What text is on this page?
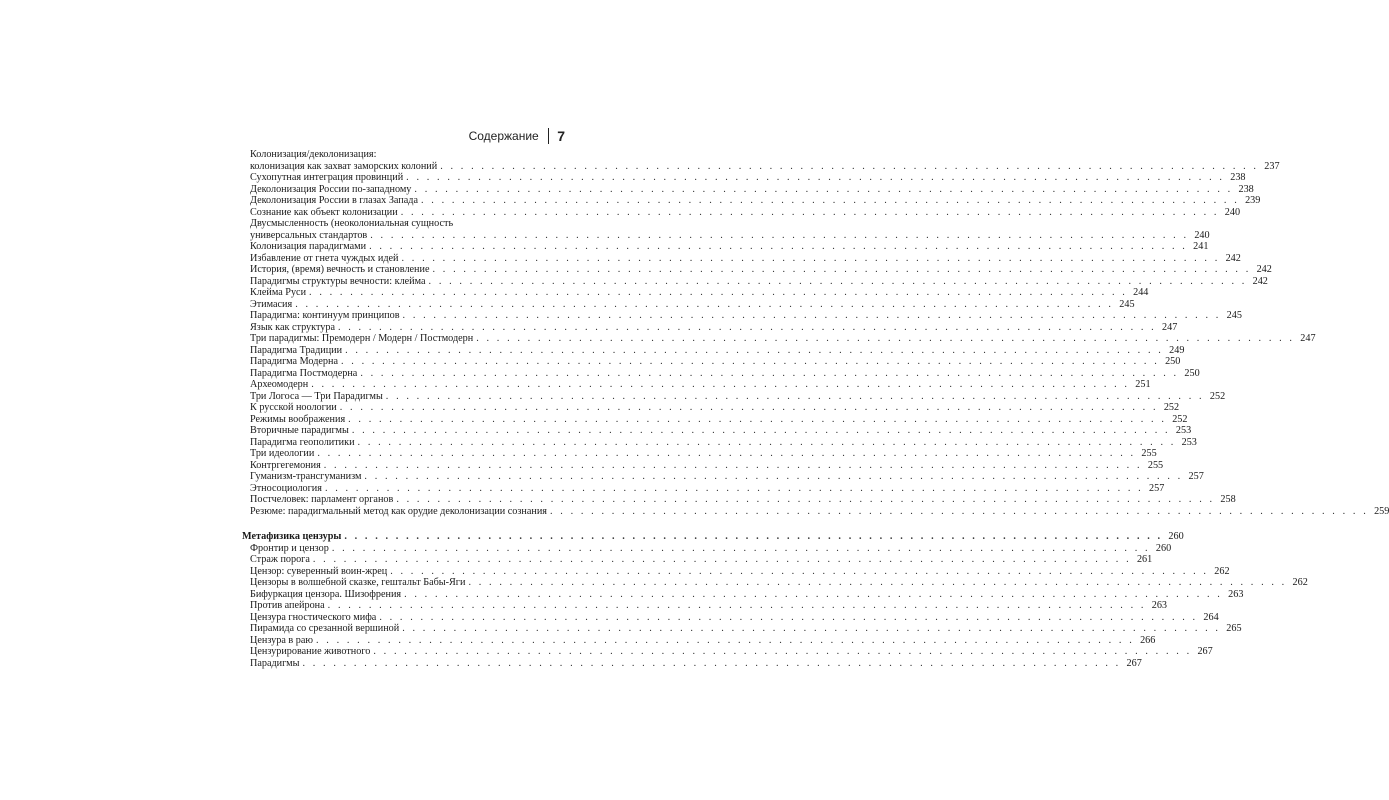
Содержание 7
Колонизация/деколонизация:
колонизация как захват заморских колоний . . . . . . . . . . . . . . . . . . . . . . . . . . . . . . . . . . . . . . . . . . . . . . . . . . . . . . . . . . . . . . . . . . . . . . . . . . . . . . . . 237
Сухопутная интеграция провинций . . . . . . . . . . . . . . . . . . . . . . . . . . . . . . . . . . . . . . . . . . . . . . . . . . . . . . . . . . . . . . . . . . . . . . . . . . . . . . . . 238
Деколонизация России по-западному . . . . . . . . . . . . . . . . . . . . . . . . . . . . . . . . . . . . . . . . . . . . . . . . . . . . . . . . . . . . . . . . . . . . . . . . . . . . . . . . 238
Деколонизация России в глазах Запада . . . . . . . . . . . . . . . . . . . . . . . . . . . . . . . . . . . . . . . . . . . . . . . . . . . . . . . . . . . . . . . . . . . . . . . . . . . . . . . . 239
Сознание как объект колонизации . . . . . . . . . . . . . . . . . . . . . . . . . . . . . . . . . . . . . . . . . . . . . . . . . . . . . . . . . . . . . . . . . . . . . . . . . . . . . . . . 240
Двусмысленность (неоколониальная сущность
универсальных стандартов . . . . . . . . . . . . . . . . . . . . . . . . . . . . . . . . . . . . . . . . . . . . . . . . . . . . . . . . . . . . . . . . . . . . . . . . . . . . . . . . 240
Колонизация парадигмами . . . . . . . . . . . . . . . . . . . . . . . . . . . . . . . . . . . . . . . . . . . . . . . . . . . . . . . . . . . . . . . . . . . . . . . . . . . . . . . . 241
Избавление от гнета чуждых идей . . . . . . . . . . . . . . . . . . . . . . . . . . . . . . . . . . . . . . . . . . . . . . . . . . . . . . . . . . . . . . . . . . . . . . . . . . . . . . . . 242
История, (время) вечность и становление . . . . . . . . . . . . . . . . . . . . . . . . . . . . . . . . . . . . . . . . . . . . . . . . . . . . . . . . . . . . . . . . . . . . . . . . . . . . . . . . 242
Парадигмы структуры вечности: клейма . . . . . . . . . . . . . . . . . . . . . . . . . . . . . . . . . . . . . . . . . . . . . . . . . . . . . . . . . . . . . . . . . . . . . . . . . . . . . . . . 242
Клейма Руси . . . . . . . . . . . . . . . . . . . . . . . . . . . . . . . . . . . . . . . . . . . . . . . . . . . . . . . . . . . . . . . . . . . . . . . . . . . . . . . . 244
Этимасия . . . . . . . . . . . . . . . . . . . . . . . . . . . . . . . . . . . . . . . . . . . . . . . . . . . . . . . . . . . . . . . . . . . . . . . . . . . . . . . . 245
Парадигма: континуум принципов . . . . . . . . . . . . . . . . . . . . . . . . . . . . . . . . . . . . . . . . . . . . . . . . . . . . . . . . . . . . . . . . . . . . . . . . . . . . . . . . 245
Язык как структура . . . . . . . . . . . . . . . . . . . . . . . . . . . . . . . . . . . . . . . . . . . . . . . . . . . . . . . . . . . . . . . . . . . . . . . . . . . . . . . . 247
Три парадигмы: Премодерн / Модерн / Постмодерн . . . . . . . . . . . . . . . . . . . . . . . . . . . . . . . . . . . . . . . . . . . . . . . . . . . . . . . . . . . . . . . . . . . . . . . . . . . . . . . . 247
Парадигма Традиции . . . . . . . . . . . . . . . . . . . . . . . . . . . . . . . . . . . . . . . . . . . . . . . . . . . . . . . . . . . . . . . . . . . . . . . . . . . . . . . . 249
Парадигма Модерна . . . . . . . . . . . . . . . . . . . . . . . . . . . . . . . . . . . . . . . . . . . . . . . . . . . . . . . . . . . . . . . . . . . . . . . . . . . . . . . . 250
Парадигма Постмодерна . . . . . . . . . . . . . . . . . . . . . . . . . . . . . . . . . . . . . . . . . . . . . . . . . . . . . . . . . . . . . . . . . . . . . . . . . . . . . . . . 250
Археомодерн . . . . . . . . . . . . . . . . . . . . . . . . . . . . . . . . . . . . . . . . . . . . . . . . . . . . . . . . . . . . . . . . . . . . . . . . . . . . . . . . 251
Три Логоса — Три Парадигмы . . . . . . . . . . . . . . . . . . . . . . . . . . . . . . . . . . . . . . . . . . . . . . . . . . . . . . . . . . . . . . . . . . . . . . . . . . . . . . . . 252
К русской ноологии . . . . . . . . . . . . . . . . . . . . . . . . . . . . . . . . . . . . . . . . . . . . . . . . . . . . . . . . . . . . . . . . . . . . . . . . . . . . . . . . 252
Режимы воображения . . . . . . . . . . . . . . . . . . . . . . . . . . . . . . . . . . . . . . . . . . . . . . . . . . . . . . . . . . . . . . . . . . . . . . . . . . . . . . . . 252
Вторичные парадигмы . . . . . . . . . . . . . . . . . . . . . . . . . . . . . . . . . . . . . . . . . . . . . . . . . . . . . . . . . . . . . . . . . . . . . . . . . . . . . . . . 253
Парадигма геополитики . . . . . . . . . . . . . . . . . . . . . . . . . . . . . . . . . . . . . . . . . . . . . . . . . . . . . . . . . . . . . . . . . . . . . . . . . . . . . . . . 253
Три идеологии . . . . . . . . . . . . . . . . . . . . . . . . . . . . . . . . . . . . . . . . . . . . . . . . . . . . . . . . . . . . . . . . . . . . . . . . . . . . . . . . 255
Контргегемония . . . . . . . . . . . . . . . . . . . . . . . . . . . . . . . . . . . . . . . . . . . . . . . . . . . . . . . . . . . . . . . . . . . . . . . . . . . . . . . . 255
Гуманизм-трансгуманизм . . . . . . . . . . . . . . . . . . . . . . . . . . . . . . . . . . . . . . . . . . . . . . . . . . . . . . . . . . . . . . . . . . . . . . . . . . . . . . . . 257
Этносоциология . . . . . . . . . . . . . . . . . . . . . . . . . . . . . . . . . . . . . . . . . . . . . . . . . . . . . . . . . . . . . . . . . . . . . . . . . . . . . . . . 257
Постчеловек: парламент органов . . . . . . . . . . . . . . . . . . . . . . . . . . . . . . . . . . . . . . . . . . . . . . . . . . . . . . . . . . . . . . . . . . . . . . . . . . . . . . . . 258
Резюме: парадигмальный метод как орудие деколонизации сознания . . . . . . . . . . . . . . . . . . . . . . . . . . . . . . . . . . . . . . . . . . . . . . . . . . . . . . . . . . . . . . . . . . . . . . . . . . . . . . . . 259
Метафизика цензуры . . . . . . . . . . . . . . . . . . . . . . . . . . . . . . . . . . . . . . . . . . . . . . . . . . . . . . . . . . . . . . . . . . . . . . . . . . . . . . . . 260
Фронтир и цензор . . . . . . . . . . . . . . . . . . . . . . . . . . . . . . . . . . . . . . . . . . . . . . . . . . . . . . . . . . . . . . . . . . . . . . . . . . . . . . . . 260
Страж порога . . . . . . . . . . . . . . . . . . . . . . . . . . . . . . . . . . . . . . . . . . . . . . . . . . . . . . . . . . . . . . . . . . . . . . . . . . . . . . . . 261
Цензор: суверенный воин-жрец . . . . . . . . . . . . . . . . . . . . . . . . . . . . . . . . . . . . . . . . . . . . . . . . . . . . . . . . . . . . . . . . . . . . . . . . . . . . . . . . 262
Цензоры в волшебной сказке, гештальт Бабы-Яги . . . . . . . . . . . . . . . . . . . . . . . . . . . . . . . . . . . . . . . . . . . . . . . . . . . . . . . . . . . . . . . . . . . . . . . . . . . . . . . . 262
Бифуркация цензора. Шизофрения . . . . . . . . . . . . . . . . . . . . . . . . . . . . . . . . . . . . . . . . . . . . . . . . . . . . . . . . . . . . . . . . . . . . . . . . . . . . . . . . 263
Против апейрона . . . . . . . . . . . . . . . . . . . . . . . . . . . . . . . . . . . . . . . . . . . . . . . . . . . . . . . . . . . . . . . . . . . . . . . . . . . . . . . . 263
Цензура гностического мифа . . . . . . . . . . . . . . . . . . . . . . . . . . . . . . . . . . . . . . . . . . . . . . . . . . . . . . . . . . . . . . . . . . . . . . . . . . . . . . . . 264
Пирамида со срезанной вершиной . . . . . . . . . . . . . . . . . . . . . . . . . . . . . . . . . . . . . . . . . . . . . . . . . . . . . . . . . . . . . . . . . . . . . . . . . . . . . . . . 265
Цензура в раю . . . . . . . . . . . . . . . . . . . . . . . . . . . . . . . . . . . . . . . . . . . . . . . . . . . . . . . . . . . . . . . . . . . . . . . . . . . . . . . . 266
Цензурирование животного . . . . . . . . . . . . . . . . . . . . . . . . . . . . . . . . . . . . . . . . . . . . . . . . . . . . . . . . . . . . . . . . . . . . . . . . . . . . . . . . 267
Парадигмы . . . . . . . . . . . . . . . . . . . . . . . . . . . . . . . . . . . . . . . . . . . . . . . . . . . . . . . . . . . . . . . . . . . . . . . . . . . . . . . . 267
